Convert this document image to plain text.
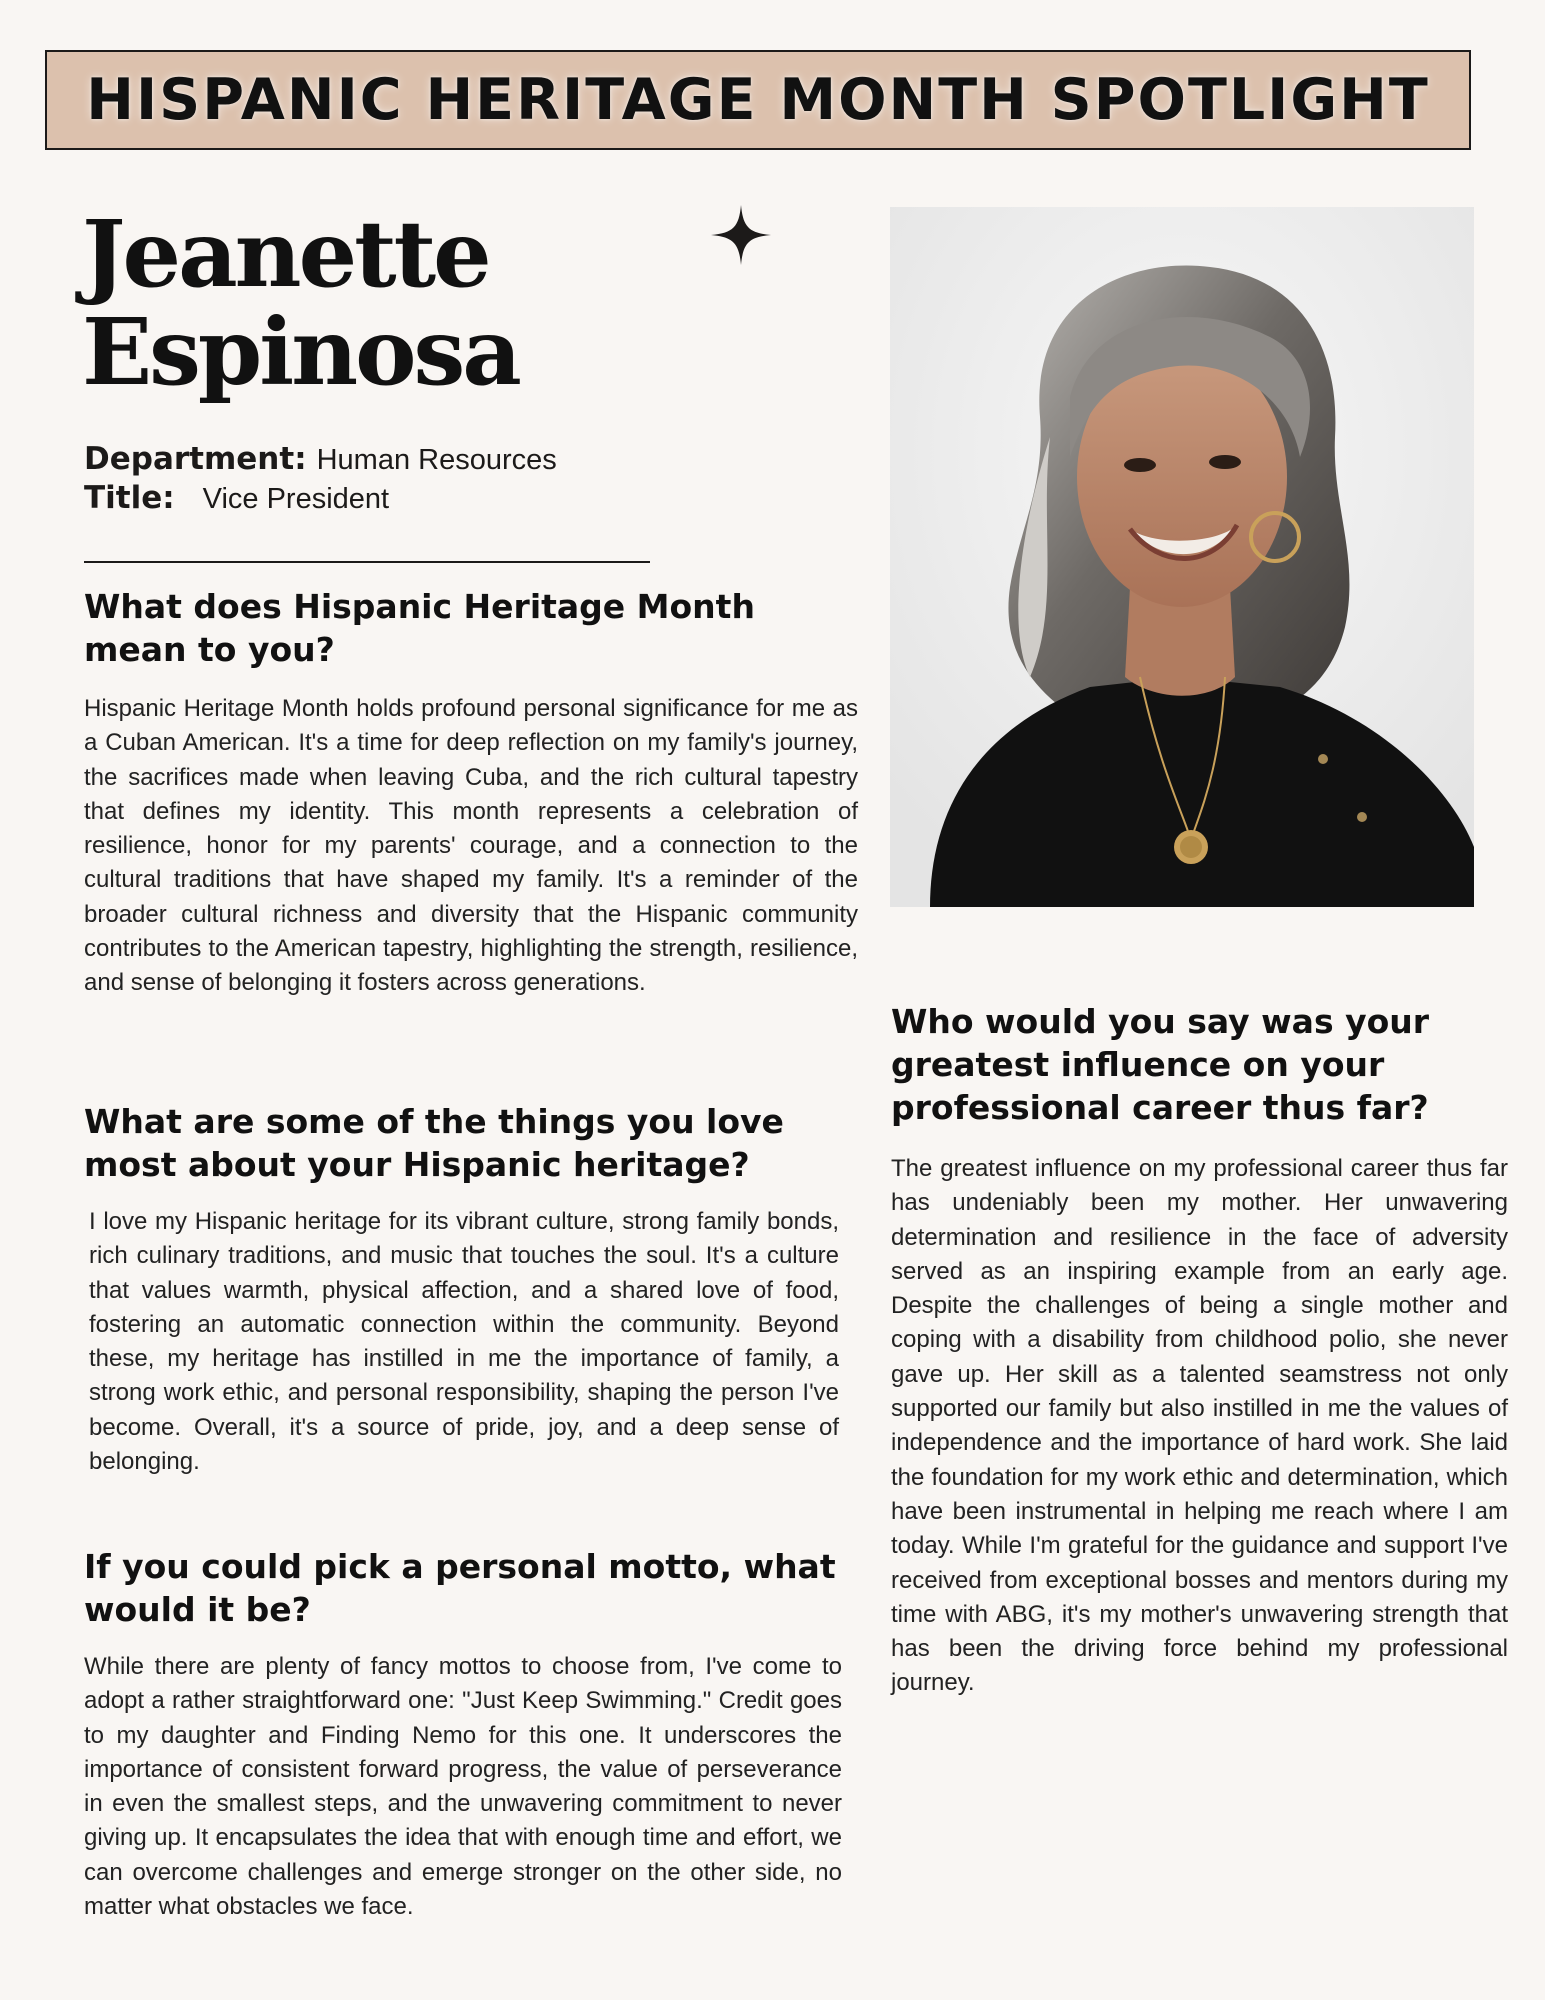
HISPANIC HERITAGE MONTH SPOTLIGHT
Jeanette
Espinosa
Department: Human Resources
Title: Vice President
What does Hispanic Heritage Month mean to you?

Hispanic Heritage Month holds profound personal significance for me as a Cuban American. It's a time for deep reflection on my family's journey, the sacrifices made when leaving Cuba, and the rich cultural tapestry that defines my identity. This month represents a celebration of resilience, honor for my parents' courage, and a connection to the cultural traditions that have shaped my family. It's a reminder of the broader cultural richness and diversity that the Hispanic community contributes to the American tapestry, highlighting the strength, resilience, and sense of belonging it fosters across generations.

What are some of the things you love most about your Hispanic heritage?

I love my Hispanic heritage for its vibrant culture, strong family bonds, rich culinary traditions, and music that touches the soul. It's a culture that values warmth, physical affection, and a shared love of food, fostering an automatic connection within the community. Beyond these, my heritage has instilled in me the importance of family, a strong work ethic, and personal responsibility, shaping the person I've become. Overall, it's a source of pride, joy, and a deep sense of belonging.

If you could pick a personal motto, what would it be?

While there are plenty of fancy mottos to choose from, I've come to adopt a rather straightforward one: "Just Keep Swimming." Credit goes to my daughter and Finding Nemo for this one. It underscores the importance of consistent forward progress, the value of perseverance in even the smallest steps, and the unwavering commitment to never giving up. It encapsulates the idea that with enough time and effort, we can overcome challenges and emerge stronger on the other side, no matter what obstacles we face.

Who would you say was your greatest influence on your professional career thus far?

The greatest influence on my professional career thus far has undeniably been my mother. Her unwavering determination and resilience in the face of adversity served as an inspiring example from an early age. Despite the challenges of being a single mother and coping with a disability from childhood polio, she never gave up. Her skill as a talented seamstress not only supported our family but also instilled in me the values of independence and the importance of hard work. She laid the foundation for my work ethic and determination, which have been instrumental in helping me reach where I am today. While I'm grateful for the guidance and support I've received from exceptional bosses and mentors during my time with ABG, it's my mother's unwavering strength that has been the driving force behind my professional journey.
